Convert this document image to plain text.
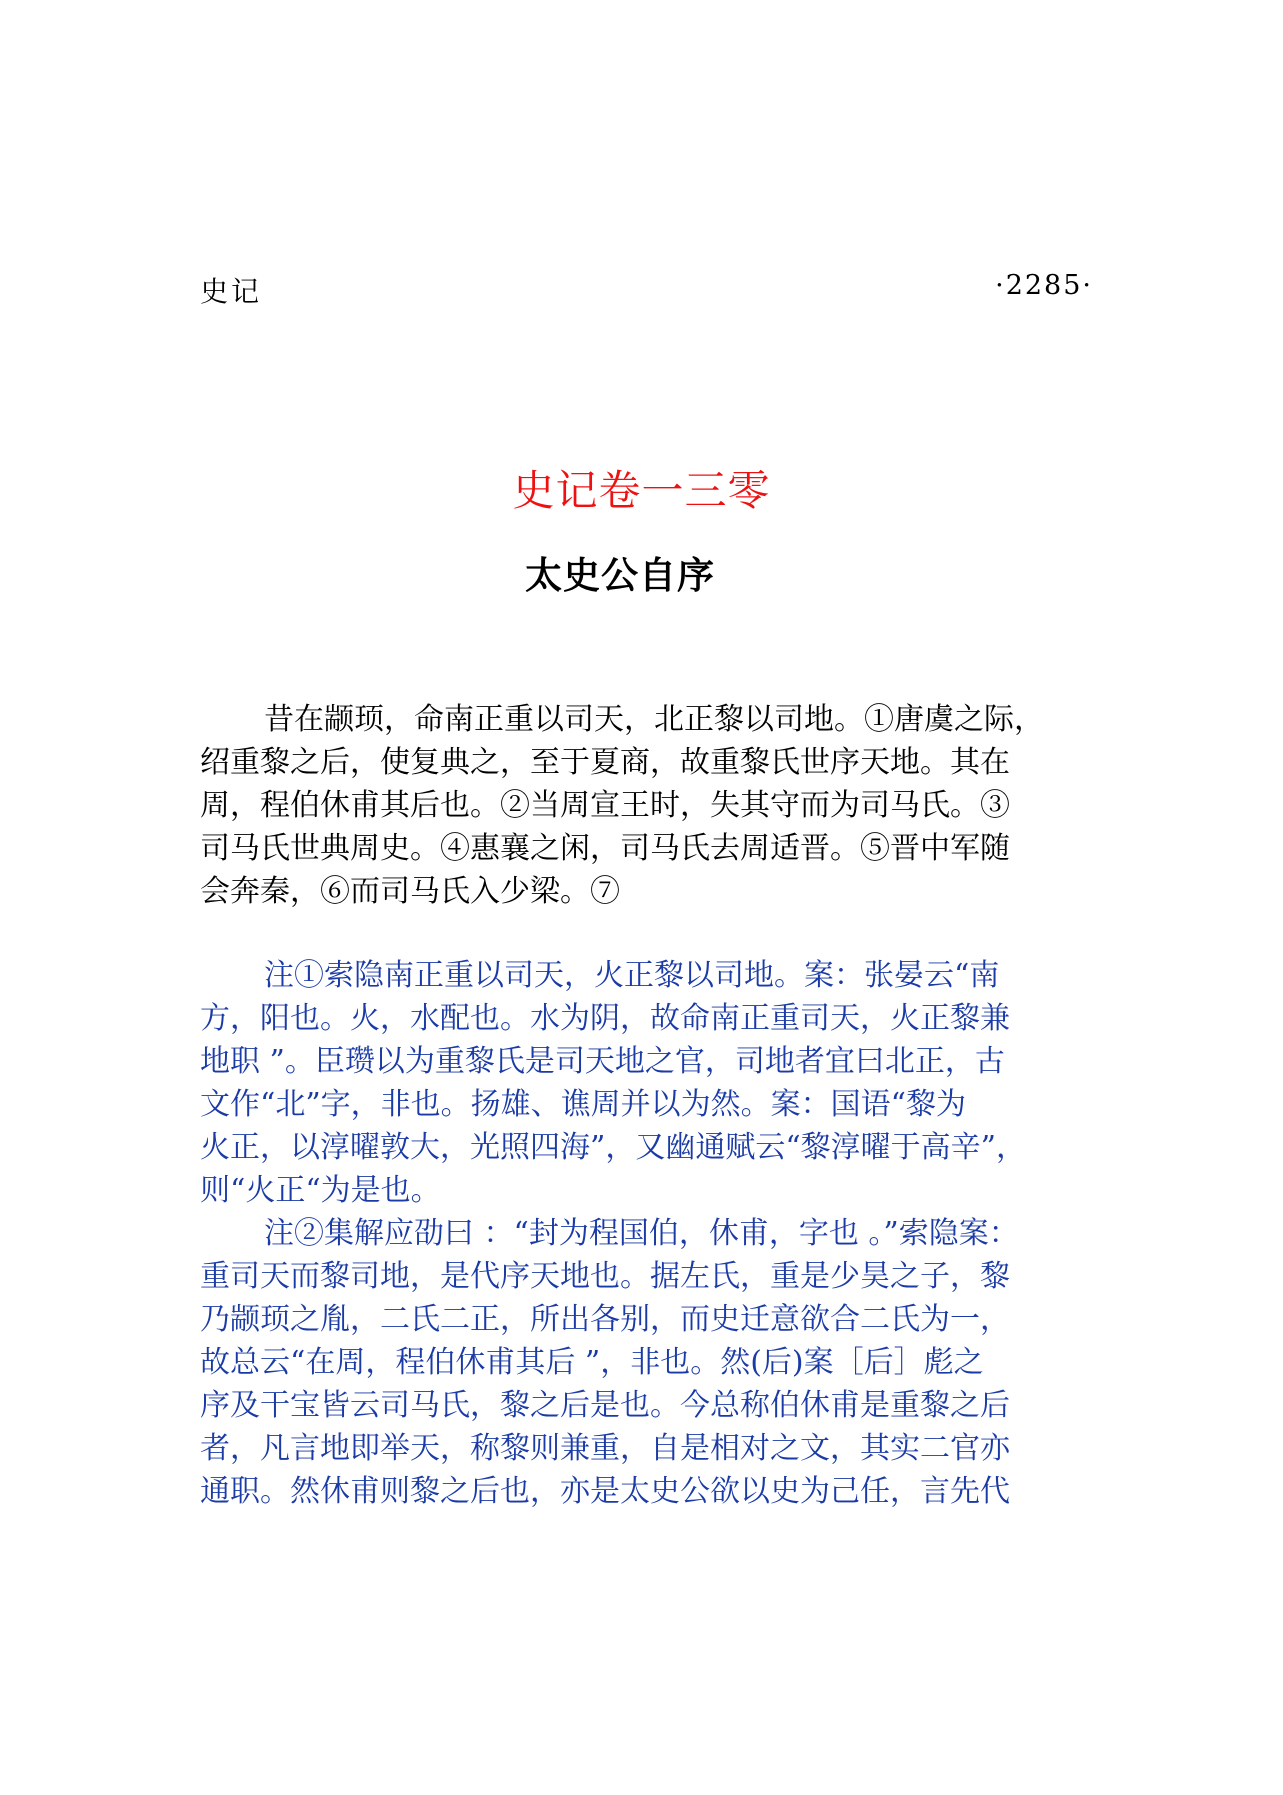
史记	·2285·
史记卷一三零
太史公自序
昔在颛顼，命南正重以司天，北正黎以司地。①唐虞之际，
绍重黎之后，使复典之，至于夏商，故重黎氏世序天地。其在
周，程伯休甫其后也。②当周宣王时，失其守而为司马氏。③
司马氏世典周史。④惠襄之闲，司马氏去周适晋。⑤晋中军随
会奔秦，⑥而司马氏入少梁。⑦
注①索隐南正重以司天，火正黎以司地。案：张晏云“南
方，阳也。火，水配也。水为阴，故命南正重司天，火正黎兼
地职 ”。臣瓒以为重黎氏是司天地之官，司地者宜曰北正，古
文作“北”字，非也。扬雄、谯周并以为然。案：国语“黎为
火正，以淳曜敦大，光照四海”，又幽通赋云“黎淳曜于高辛”，
则“火正“为是也。
注②集解应劭曰 ：“封为程国伯，休甫，字也 。”索隐案：
重司天而黎司地，是代序天地也。据左氏，重是少昊之子，黎
乃颛顼之胤，二氏二正，所出各别，而史迁意欲合二氏为一，
故总云“在周，程伯休甫其后 ”，非也。然(后)案［后］彪之
序及干宝皆云司马氏，黎之后是也。今总称伯休甫是重黎之后
者，凡言地即举天，称黎则兼重，自是相对之文，其实二官亦
通职。然休甫则黎之后也，亦是太史公欲以史为己任，言先代
